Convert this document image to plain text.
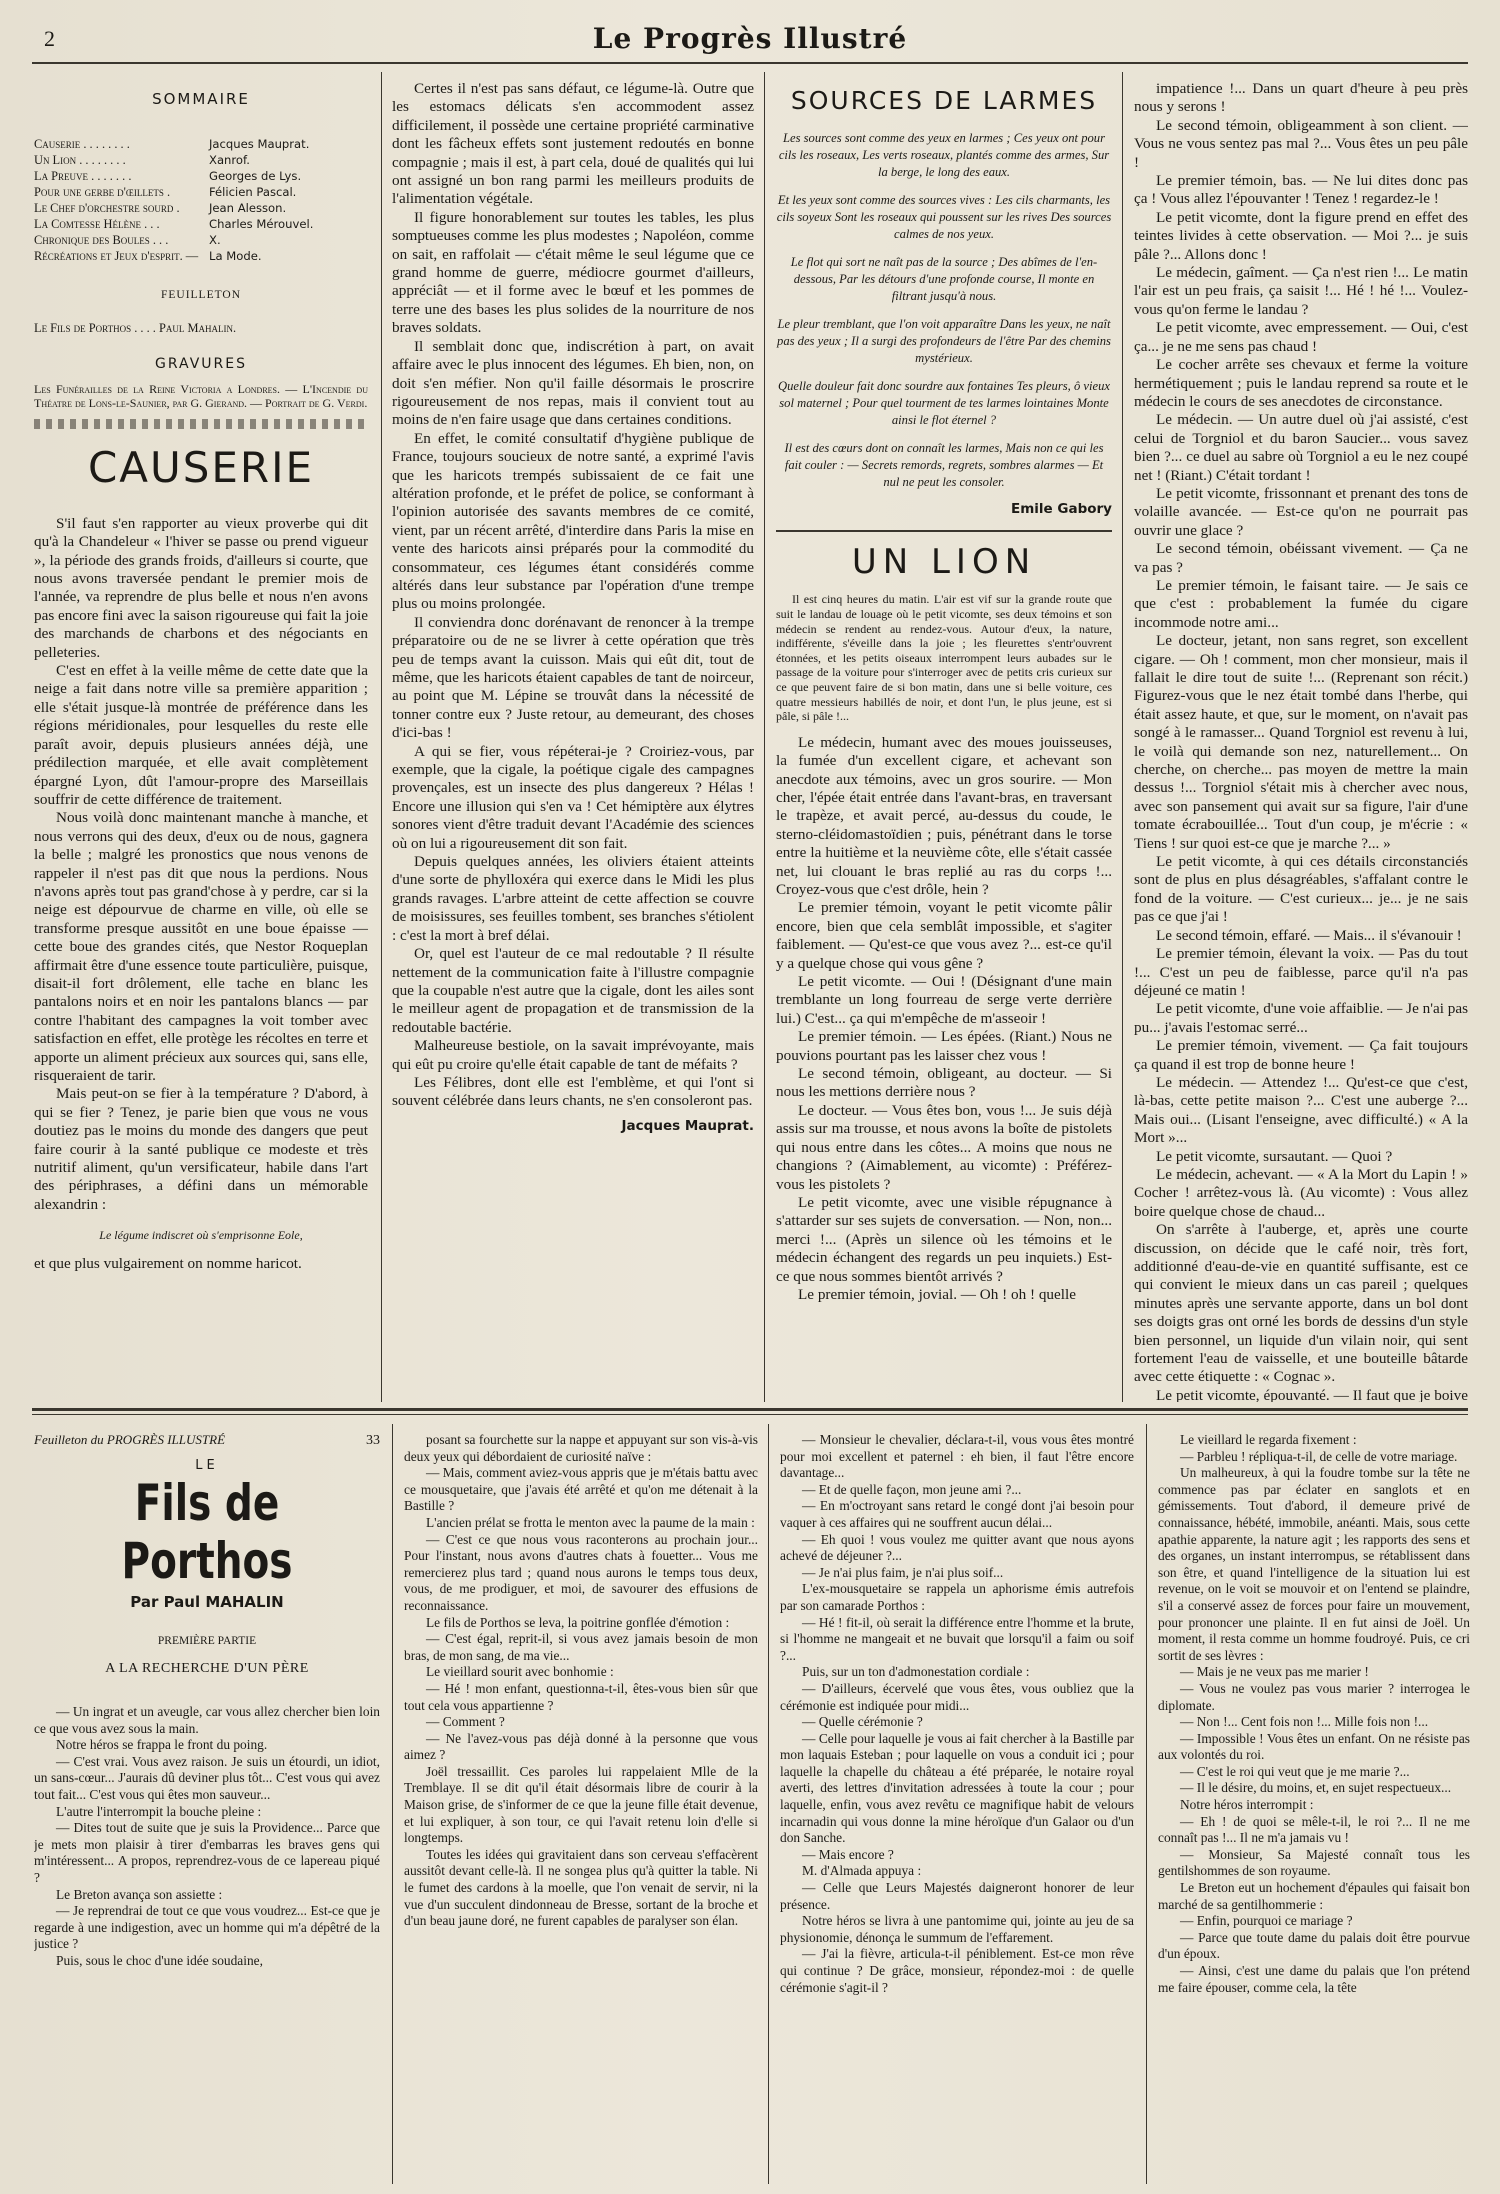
2	Le Progrès Illustré
SOMMAIRE
Causerie . . . . . . . .	Jacques Mauprat.
Un Lion . . . . . . . .	Xanrof.
La Preuve . . . . . . .	Georges de Lys.
Pour une gerbe d'œillets .	Félicien Pascal.
Le Chef d'orchestre sourd .	Jean Alesson.
La Comtesse Hélène . . .	Charles Mérouvel.
Chronique des Boules . . .	X.
Récréations et Jeux d'esprit. — La Mode.
FEUILLETON
Le Fils de Porthos . . . . Paul Mahalin.
GRAVURES
Les Funérailles de la Reine Victoria a Londres. — L'Incendie du Théatre de Lons-le-Saunier, par G. Gierand. — Portrait de G. Verdi.
CAUSERIE

S'il faut s'en rapporter au vieux proverbe qui dit qu'à la Chandeleur « l'hiver se passe ou prend vigueur », la période des grands froids, d'ailleurs si courte, que nous avons traversée pendant le premier mois de l'année, va reprendre de plus belle et nous n'en avons pas encore fini avec la saison rigoureuse qui fait la joie des marchands de charbons et des négociants en pelleteries.

C'est en effet à la veille même de cette date que la neige a fait dans notre ville sa première apparition ; elle s'était jusque-là montrée de préférence dans les régions méridionales, pour lesquelles du reste elle paraît avoir, depuis plusieurs années déjà, une prédilection marquée, et elle avait complètement épargné Lyon, dût l'amour-propre des Marseillais souffrir de cette différence de traitement.

Nous voilà donc maintenant manche à manche, et nous verrons qui des deux, d'eux ou de nous, gagnera la belle ; malgré les pronostics que nous venons de rappeler il n'est pas dit que nous la perdions. Nous n'avons après tout pas grand'chose à y perdre, car si la neige est dépourvue de charme en ville, où elle se transforme presque aussitôt en une boue épaisse — cette boue des grandes cités, que Nestor Roqueplan affirmait être d'une essence toute particulière, puisque, disait-il fort drôlement, elle tache en blanc les pantalons noirs et en noir les pantalons blancs — par contre l'habitant des campagnes la voit tomber avec satisfaction en effet, elle protège les récoltes en terre et apporte un aliment précieux aux sources qui, sans elle, risqueraient de tarir.

Mais peut-on se fier à la température ? D'abord, à qui se fier ? Tenez, je parie bien que vous ne vous doutiez pas le moins du monde des dangers que peut faire courir à la santé publique ce modeste et très nutritif aliment, qu'un versificateur, habile dans l'art des périphrases, a défini dans un mémorable alexandrin :

Le légume indiscret où s'emprisonne Eole,

et que plus vulgairement on nomme haricot.

Certes il n'est pas sans défaut, ce légume-là. Outre que les estomacs délicats s'en accommodent assez difficilement, il possède une certaine propriété carminative dont les fâcheux effets sont justement redoutés en bonne compagnie ; mais il est, à part cela, doué de qualités qui lui ont assigné un bon rang parmi les meilleurs produits de l'alimentation végétale.

Il figure honorablement sur toutes les tables, les plus somptueuses comme les plus modestes ; Napoléon, comme on sait, en raffolait — c'était même le seul légume que ce grand homme de guerre, médiocre gourmet d'ailleurs, appréciât — et il forme avec le bœuf et les pommes de terre une des bases les plus solides de la nourriture de nos braves soldats.

Il semblait donc que, indiscrétion à part, on avait affaire avec le plus innocent des légumes. Eh bien, non, on doit s'en méfier. Non qu'il faille désormais le proscrire rigoureusement de nos repas, mais il convient tout au moins de n'en faire usage que dans certaines conditions.

En effet, le comité consultatif d'hygiène publique de France, toujours soucieux de notre santé, a exprimé l'avis que les haricots trempés subissaient de ce fait une altération profonde, et le préfet de police, se conformant à l'opinion autorisée des savants membres de ce comité, vient, par un récent arrêté, d'interdire dans Paris la mise en vente des haricots ainsi préparés pour la commodité du consommateur, ces légumes étant considérés comme altérés dans leur substance par l'opération d'une trempe plus ou moins prolongée.

Il conviendra donc dorénavant de renoncer à la trempe préparatoire ou de ne se livrer à cette opération que très peu de temps avant la cuisson. Mais qui eût dit, tout de même, que les haricots étaient capables de tant de noirceur, au point que M. Lépine se trouvât dans la nécessité de tonner contre eux ? Juste retour, au demeurant, des choses d'ici-bas !

A qui se fier, vous répéterai-je ? Croiriez-vous, par exemple, que la cigale, la poétique cigale des campagnes provençales, est un insecte des plus dangereux ? Hélas ! Encore une illusion qui s'en va ! Cet hémiptère aux élytres sonores vient d'être traduit devant l'Académie des sciences où on lui a rigoureusement dit son fait.

Depuis quelques années, les oliviers étaient atteints d'une sorte de phylloxéra qui exerce dans le Midi les plus grands ravages. L'arbre atteint de cette affection se couvre de moisissures, ses feuilles tombent, ses branches s'étiolent : c'est la mort à bref délai.

Or, quel est l'auteur de ce mal redoutable ? Il résulte nettement de la communication faite à l'illustre compagnie que la coupable n'est autre que la cigale, dont les ailes sont le meilleur agent de propagation et de transmission de la redoutable bactérie.

Malheureuse bestiole, on la savait imprévoyante, mais qui eût pu croire qu'elle était capable de tant de méfaits ?

Les Félibres, dont elle est l'emblème, et qui l'ont si souvent célébrée dans leurs chants, ne s'en consoleront pas.

Jacques Mauprat.
SOURCES DE LARMES

Les sources sont comme des yeux en larmes ; Ces yeux ont pour cils les roseaux, Les verts roseaux, plantés comme des armes, Sur la berge, le long des eaux.

Et les yeux sont comme des sources vives : Les cils charmants, les cils soyeux Sont les roseaux qui poussent sur les rives Des sources calmes de nos yeux.

Le flot qui sort ne naît pas de la source ; Des abîmes de l'en-dessous, Par les détours d'une profonde course, Il monte en filtrant jusqu'à nous.

Le pleur tremblant, que l'on voit apparaître Dans les yeux, ne naît pas des yeux ; Il a surgi des profondeurs de l'être Par des chemins mystérieux.

Quelle douleur fait donc sourdre aux fontaines Tes pleurs, ô vieux sol maternel ; Pour quel tourment de tes larmes lointaines Monte ainsi le flot éternel ?

Il est des cœurs dont on connaît les larmes, Mais non ce qui les fait couler : — Secrets remords, regrets, sombres alarmes — Et nul ne peut les consoler.

Emile Gabory
UN LION
Il est cinq heures du matin. L'air est vif sur la grande route que suit le landau de louage où le petit vicomte, ses deux témoins et son médecin se rendent au rendez-vous. Autour d'eux, la nature, indifférente, s'éveille dans la joie ; les fleurettes s'entr'ouvrent étonnées, et les petits oiseaux interrompent leurs aubades sur le passage de la voiture pour s'interroger avec de petits cris curieux sur ce que peuvent faire de si bon matin, dans une si belle voiture, ces quatre messieurs habillés de noir, et dont l'un, le plus jeune, est si pâle, si pâle !...

Le médecin, humant avec des moues jouisseuses, la fumée d'un excellent cigare, et achevant son anecdote aux témoins, avec un gros sourire. — Mon cher, l'épée était entrée dans l'avant-bras, en traversant le trapèze, et avait percé, au-dessus du coude, le sterno-cléidomastoïdien ; puis, pénétrant dans le torse entre la huitième et la neuvième côte, elle s'était cassée net, lui clouant le bras replié au ras du corps !... Croyez-vous que c'est drôle, hein ?

Le premier témoin, voyant le petit vicomte pâlir encore, bien que cela semblât impossible, et s'agiter faiblement. — Qu'est-ce que vous avez ?... est-ce qu'il y a quelque chose qui vous gêne ?

Le petit vicomte. — Oui ! (Désignant d'une main tremblante un long fourreau de serge verte derrière lui.) C'est... ça qui m'empêche de m'asseoir !

Le premier témoin. — Les épées. (Riant.) Nous ne pouvions pourtant pas les laisser chez vous !

Le second témoin, obligeant, au docteur. — Si nous les mettions derrière nous ?

Le docteur. — Vous êtes bon, vous !... Je suis déjà assis sur ma trousse, et nous avons la boîte de pistolets qui nous entre dans les côtes... A moins que nous ne changions ? (Aimablement, au vicomte) : Préférez-vous les pistolets ?

Le petit vicomte, avec une visible répugnance à s'attarder sur ses sujets de conversation. — Non, non... merci !... (Après un silence où les témoins et le médecin échangent des regards un peu inquiets.) Est-ce que nous sommes bientôt arrivés ?

Le premier témoin, jovial. — Oh ! oh ! quelle

impatience !... Dans un quart d'heure à peu près nous y serons !

Le second témoin, obligeamment à son client. — Vous ne vous sentez pas mal ?... Vous êtes un peu pâle !

Le premier témoin, bas. — Ne lui dites donc pas ça ! Vous allez l'épouvanter ! Tenez ! regardez-le !

Le petit vicomte, dont la figure prend en effet des teintes livides à cette observation. — Moi ?... je suis pâle ?... Allons donc !

Le médecin, gaîment. — Ça n'est rien !... Le matin l'air est un peu frais, ça saisit !... Hé ! hé !... Voulez-vous qu'on ferme le landau ?

Le petit vicomte, avec empressement. — Oui, c'est ça... je ne me sens pas chaud !

Le cocher arrête ses chevaux et ferme la voiture hermétiquement ; puis le landau reprend sa route et le médecin le cours de ses anecdotes de circonstance.

Le médecin. — Un autre duel où j'ai assisté, c'est celui de Torgniol et du baron Saucier... vous savez bien ?... ce duel au sabre où Torgniol a eu le nez coupé net ! (Riant.) C'était tordant !

Le petit vicomte, frissonnant et prenant des tons de volaille avancée. — Est-ce qu'on ne pourrait pas ouvrir une glace ?

Le second témoin, obéissant vivement. — Ça ne va pas ?

Le premier témoin, le faisant taire. — Je sais ce que c'est : probablement la fumée du cigare incommode notre ami...

Le docteur, jetant, non sans regret, son excellent cigare. — Oh ! comment, mon cher monsieur, mais il fallait le dire tout de suite !... (Reprenant son récit.) Figurez-vous que le nez était tombé dans l'herbe, qui était assez haute, et que, sur le moment, on n'avait pas songé à le ramasser... Quand Torgniol est revenu à lui, le voilà qui demande son nez, naturellement... On cherche, on cherche... pas moyen de mettre la main dessus !... Torgniol s'était mis à chercher avec nous, avec son pansement qui avait sur sa figure, l'air d'une tomate écrabouillée... Tout d'un coup, je m'écrie : « Tiens ! sur quoi est-ce que je marche ?... »

Le petit vicomte, à qui ces détails circonstanciés sont de plus en plus désagréables, s'affalant contre le fond de la voiture. — C'est curieux... je... je ne sais pas ce que j'ai !

Le second témoin, effaré. — Mais... il s'évanouir !

Le premier témoin, élevant la voix. — Pas du tout !... C'est un peu de faiblesse, parce qu'il n'a pas déjeuné ce matin !

Le petit vicomte, d'une voie affaiblie. — Je n'ai pas pu... j'avais l'estomac serré...

Le premier témoin, vivement. — Ça fait toujours ça quand il est trop de bonne heure !

Le médecin. — Attendez !... Qu'est-ce que c'est, là-bas, cette petite maison ?... C'est une auberge ?... Mais oui... (Lisant l'enseigne, avec difficulté.) « A la Mort »...

Le petit vicomte, sursautant. — Quoi ?

Le médecin, achevant. — « A la Mort du Lapin ! » Cocher ! arrêtez-vous là. (Au vicomte) : Vous allez boire quelque chose de chaud...

On s'arrête à l'auberge, et, après une courte discussion, on décide que le café noir, très fort, additionné d'eau-de-vie en quantité suffisante, est ce qui convient le mieux dans un cas pareil ; quelques minutes après une servante apporte, dans un bol dont ses doigts gras ont orné les bords de dessins d'un style bien personnel, un liquide d'un vilain noir, qui sent fortement l'eau de vaisselle, et une bouteille bâtarde avec cette étiquette : « Cognac ».

Le petit vicomte, épouvanté. — Il faut que je boive

Feuilleton du PROGRÈS ILLUSTRÉ	33
LE
Fils de Porthos
Par Paul MAHALIN
PREMIÈRE PARTIE
A LA RECHERCHE D'UN PÈRE

— Un ingrat et un aveugle, car vous allez chercher bien loin ce que vous avez sous la main.

Notre héros se frappa le front du poing.

— C'est vrai. Vous avez raison. Je suis un étourdi, un idiot, un sans-cœur... J'aurais dû deviner plus tôt... C'est vous qui avez tout fait... C'est vous qui êtes mon sauveur...

L'autre l'interrompit la bouche pleine :

— Dites tout de suite que je suis la Providence... Parce que je mets mon plaisir à tirer d'embarras les braves gens qui m'intéressent... A propos, reprendrez-vous de ce lapereau piqué ?

Le Breton avança son assiette :

— Je reprendrai de tout ce que vous voudrez... Est-ce que je regarde à une indigestion, avec un homme qui m'a dépêtré de la justice ?

Puis, sous le choc d'une idée soudaine,

posant sa fourchette sur la nappe et appuyant sur son vis-à-vis deux yeux qui débordaient de curiosité naïve :

— Mais, comment aviez-vous appris que je m'étais battu avec ce mousquetaire, que j'avais été arrêté et qu'on me détenait à la Bastille ?

L'ancien prélat se frotta le menton avec la paume de la main :

— C'est ce que nous vous raconterons au prochain jour... Pour l'instant, nous avons d'autres chats à fouetter... Vous me remercierez plus tard ; quand nous aurons le temps tous deux, vous, de me prodiguer, et moi, de savourer des effusions de reconnaissance.

Le fils de Porthos se leva, la poitrine gonflée d'émotion :

— C'est égal, reprit-il, si vous avez jamais besoin de mon bras, de mon sang, de ma vie...

Le vieillard sourit avec bonhomie :

— Hé ! mon enfant, questionna-t-il, êtes-vous bien sûr que tout cela vous appartienne ?

— Comment ?

— Ne l'avez-vous pas déjà donné à la personne que vous aimez ?

Joël tressaillit. Ces paroles lui rappelaient Mlle de la Tremblaye. Il se dit qu'il était désormais libre de courir à la Maison grise, de s'informer de ce que la jeune fille était devenue, et lui expliquer, à son tour, ce qui l'avait retenu loin d'elle si longtemps.

Toutes les idées qui gravitaient dans son cerveau s'effacèrent aussitôt devant celle-là. Il ne songea plus qu'à quitter la table. Ni le fumet des cardons à la moelle, que l'on venait de servir, ni la vue d'un succulent dindonneau de Bresse, sortant de la broche et d'un beau jaune doré, ne furent capables de paralyser son élan.

— Monsieur le chevalier, déclara-t-il, vous vous êtes montré pour moi excellent et paternel : eh bien, il faut l'être encore davantage...

— Et de quelle façon, mon jeune ami ?...

— En m'octroyant sans retard le congé dont j'ai besoin pour vaquer à ces affaires qui ne souffrent aucun délai...

— Eh quoi ! vous voulez me quitter avant que nous ayons achevé de déjeuner ?...

— Je n'ai plus faim, je n'ai plus soif...

L'ex-mousquetaire se rappela un aphorisme émis autrefois par son camarade Porthos :

— Hé ! fit-il, où serait la différence entre l'homme et la brute, si l'homme ne mangeait et ne buvait que lorsqu'il a faim ou soif ?...

Puis, sur un ton d'admonestation cordiale :

— D'ailleurs, écervelé que vous êtes, vous oubliez que la cérémonie est indiquée pour midi...

— Quelle cérémonie ?

— Celle pour laquelle je vous ai fait chercher à la Bastille par mon laquais Esteban ; pour laquelle on vous a conduit ici ; pour laquelle la chapelle du château a été préparée, le notaire royal averti, des lettres d'invitation adressées à toute la cour ; pour laquelle, enfin, vous avez revêtu ce magnifique habit de velours incarnadin qui vous donne la mine héroïque d'un Galaor ou d'un don Sanche.

— Mais encore ?

M. d'Almada appuya :

— Celle que Leurs Majestés daigneront honorer de leur présence.

Notre héros se livra à une pantomime qui, jointe au jeu de sa physionomie, dénonça le summum de l'effarement.

— J'ai la fièvre, articula-t-il péniblement. Est-ce mon rêve qui continue ? De grâce, monsieur, répondez-moi : de quelle cérémonie s'agit-il ?

Le vieillard le regarda fixement :

— Parbleu ! répliqua-t-il, de celle de votre mariage.

Un malheureux, à qui la foudre tombe sur la tête ne commence pas par éclater en sanglots et en gémissements. Tout d'abord, il demeure privé de connaissance, hébété, immobile, anéanti. Mais, sous cette apathie apparente, la nature agit ; les rapports des sens et des organes, un instant interrompus, se rétablissent dans son être, et quand l'intelligence de la situation lui est revenue, on le voit se mouvoir et on l'entend se plaindre, s'il a conservé assez de forces pour faire un mouvement, pour prononcer une plainte. Il en fut ainsi de Joël. Un moment, il resta comme un homme foudroyé. Puis, ce cri sortit de ses lèvres :

— Mais je ne veux pas me marier !

— Vous ne voulez pas vous marier ? interrogea le diplomate.

— Non !... Cent fois non !... Mille fois non !...

— Impossible ! Vous êtes un enfant. On ne résiste pas aux volontés du roi.

— C'est le roi qui veut que je me marie ?...

— Il le désire, du moins, et, en sujet respectueux...

Notre héros interrompit :

— Eh ! de quoi se mêle-t-il, le roi ?... Il ne me connaît pas !... Il ne m'a jamais vu !

— Monsieur, Sa Majesté connaît tous les gentilshommes de son royaume.

Le Breton eut un hochement d'épaules qui faisait bon marché de sa gentilhommerie :

— Enfin, pourquoi ce mariage ?

— Parce que toute dame du palais doit être pourvue d'un époux.

— Ainsi, c'est une dame du palais que l'on prétend me faire épouser, comme cela, la tête
